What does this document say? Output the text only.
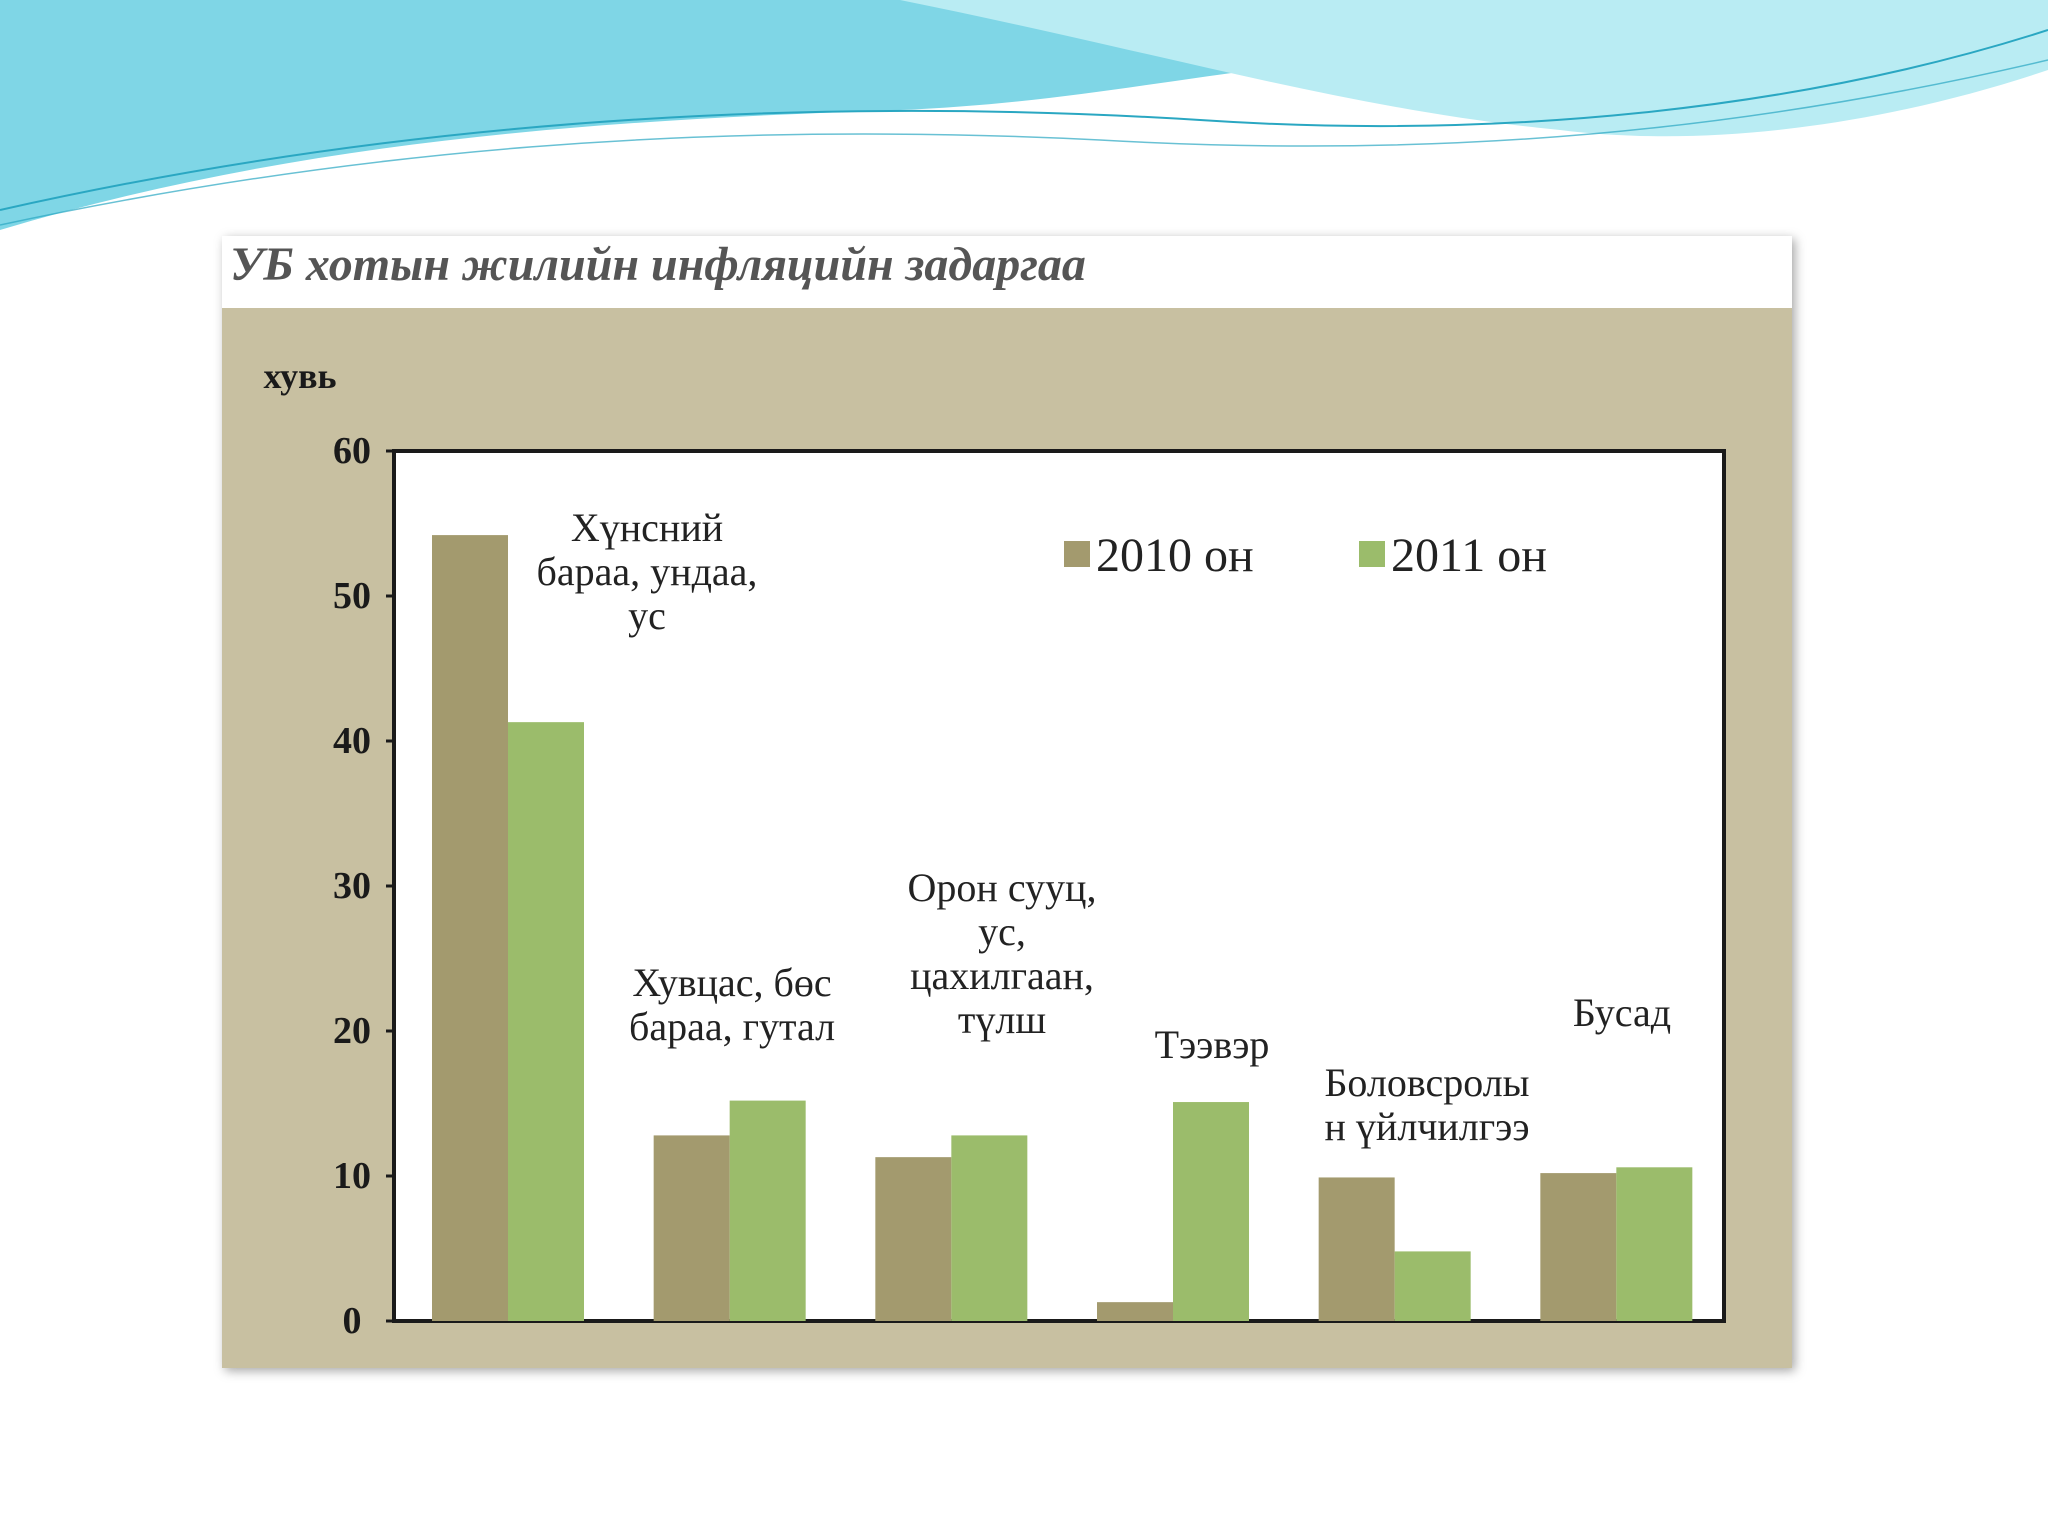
УБ хотын жилийн инфляцийн задаргаа
хувь
0
10
20
30
40
50
60
Хүнсний
бараа, ундаа,
ус
Хувцас, бөс
бараа, гутал
Орон сууц,
ус,
цахилгаан,
түлш
Тээвэр
Боловсролы
н үйлчилгээ
Бусад
2010 он	2011 он
